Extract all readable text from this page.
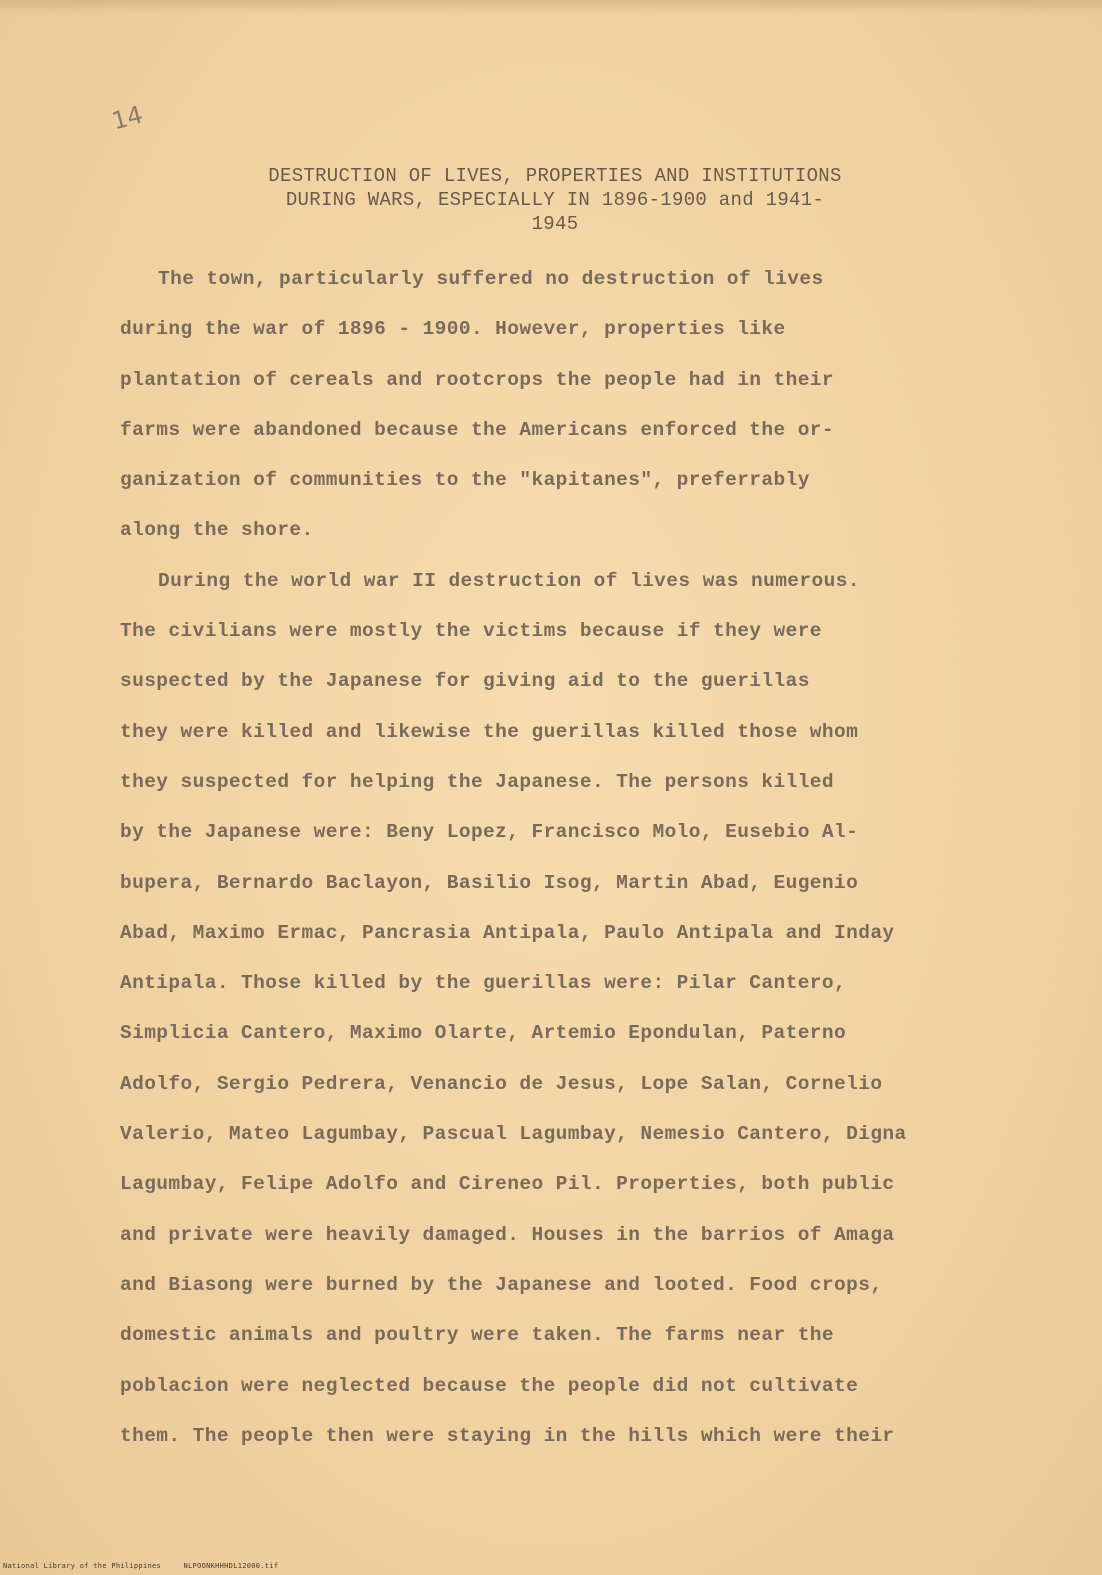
14
DESTRUCTION OF LIVES, PROPERTIES AND INSTITUTIONS
DURING WARS, ESPECIALLY IN 1896-1900 and 1941-
1945
The town, particularly suffered no destruction of lives
during the war of 1896 - 1900. However, properties like
plantation of cereals and rootcrops the people had in their
farms were abandoned because the Americans enforced the or-
ganization of communities to the "kapitanes", preferrably
along the shore.
During the world war II destruction of lives was numerous.
The civilians were mostly the victims because if they were
suspected by the Japanese for giving aid to the guerillas
they were killed and likewise the guerillas killed those whom
they suspected for helping the Japanese. The persons killed
by the Japanese were: Beny Lopez, Francisco Molo, Eusebio Al-
bupera, Bernardo Baclayon, Basilio Isog, Martin Abad, Eugenio
Abad, Maximo Ermac, Pancrasia Antipala, Paulo Antipala and Inday
Antipala. Those killed by the guerillas were: Pilar Cantero,
Simplicia Cantero, Maximo Olarte, Artemio Epondulan, Paterno
Adolfo, Sergio Pedrera, Venancio de Jesus, Lope Salan, Cornelio
Valerio, Mateo Lagumbay, Pascual Lagumbay, Nemesio Cantero, Digna
Lagumbay, Felipe Adolfo and Cireneo Pil. Properties, both public
and private were heavily damaged. Houses in the barrios of Amaga
and Biasong were burned by the Japanese and looted. Food crops,
domestic animals and poultry were taken. The farms near the
poblacion were neglected because the people did not cultivate
them. The people then were staying in the hills which were their
National Library of the Philippines	NLPOONKHHHDL12000.tif
